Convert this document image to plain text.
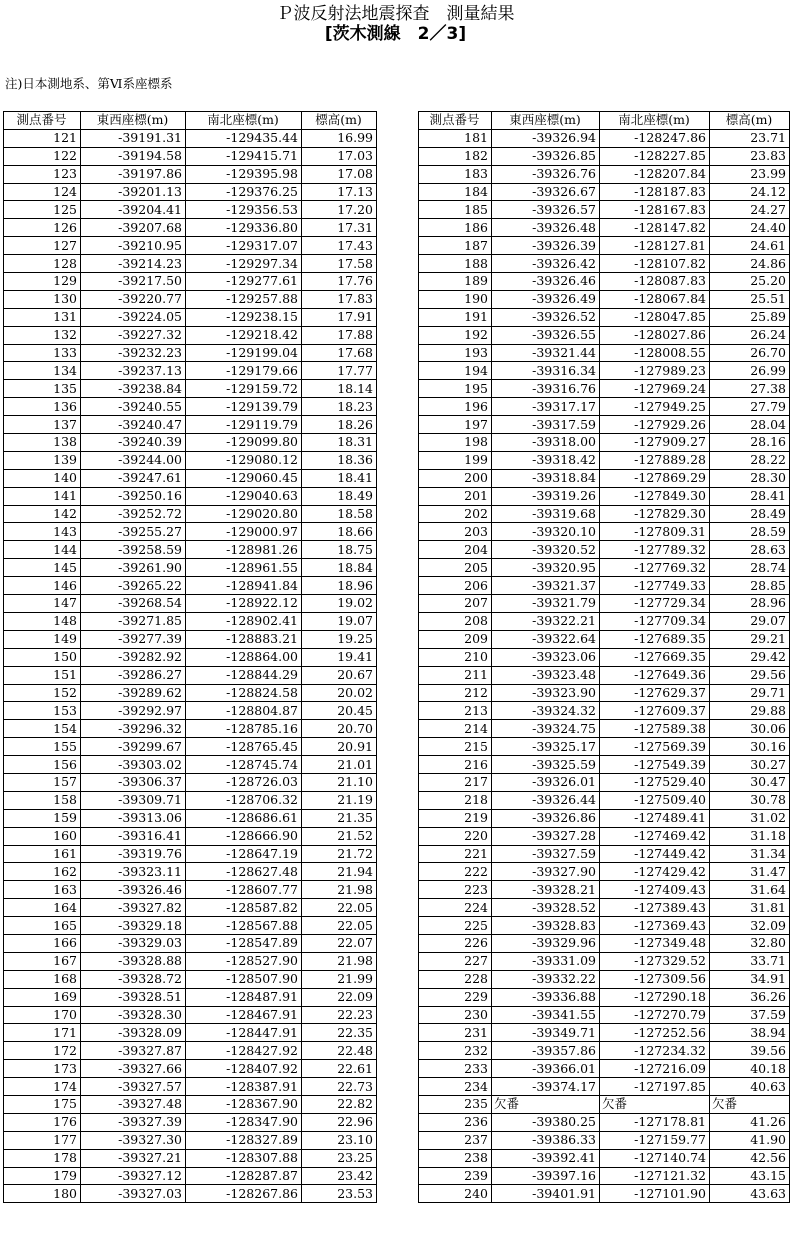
Ｐ波反射法地震探査　測量結果
[茨木測線　2／3]
注)日本測地系、第Ⅵ系座標系
測点番号	東西座標(m)	南北座標(m)	標高(m)
121	-39191.31	-129435.44	16.99
122	-39194.58	-129415.71	17.03
123	-39197.86	-129395.98	17.08
124	-39201.13	-129376.25	17.13
125	-39204.41	-129356.53	17.20
126	-39207.68	-129336.80	17.31
127	-39210.95	-129317.07	17.43
128	-39214.23	-129297.34	17.58
129	-39217.50	-129277.61	17.76
130	-39220.77	-129257.88	17.83
131	-39224.05	-129238.15	17.91
132	-39227.32	-129218.42	17.88
133	-39232.23	-129199.04	17.68
134	-39237.13	-129179.66	17.77
135	-39238.84	-129159.72	18.14
136	-39240.55	-129139.79	18.23
137	-39240.47	-129119.79	18.26
138	-39240.39	-129099.80	18.31
139	-39244.00	-129080.12	18.36
140	-39247.61	-129060.45	18.41
141	-39250.16	-129040.63	18.49
142	-39252.72	-129020.80	18.58
143	-39255.27	-129000.97	18.66
144	-39258.59	-128981.26	18.75
145	-39261.90	-128961.55	18.84
146	-39265.22	-128941.84	18.96
147	-39268.54	-128922.12	19.02
148	-39271.85	-128902.41	19.07
149	-39277.39	-128883.21	19.25
150	-39282.92	-128864.00	19.41
151	-39286.27	-128844.29	20.67
152	-39289.62	-128824.58	20.02
153	-39292.97	-128804.87	20.45
154	-39296.32	-128785.16	20.70
155	-39299.67	-128765.45	20.91
156	-39303.02	-128745.74	21.01
157	-39306.37	-128726.03	21.10
158	-39309.71	-128706.32	21.19
159	-39313.06	-128686.61	21.35
160	-39316.41	-128666.90	21.52
161	-39319.76	-128647.19	21.72
162	-39323.11	-128627.48	21.94
163	-39326.46	-128607.77	21.98
164	-39327.82	-128587.82	22.05
165	-39329.18	-128567.88	22.05
166	-39329.03	-128547.89	22.07
167	-39328.88	-128527.90	21.98
168	-39328.72	-128507.90	21.99
169	-39328.51	-128487.91	22.09
170	-39328.30	-128467.91	22.23
171	-39328.09	-128447.91	22.35
172	-39327.87	-128427.92	22.48
173	-39327.66	-128407.92	22.61
174	-39327.57	-128387.91	22.73
175	-39327.48	-128367.90	22.82
176	-39327.39	-128347.90	22.96
177	-39327.30	-128327.89	23.10
178	-39327.21	-128307.88	23.25
179	-39327.12	-128287.87	23.42
180	-39327.03	-128267.86	23.53
測点番号	東西座標(m)	南北座標(m)	標高(m)
181	-39326.94	-128247.86	23.71
182	-39326.85	-128227.85	23.83
183	-39326.76	-128207.84	23.99
184	-39326.67	-128187.83	24.12
185	-39326.57	-128167.83	24.27
186	-39326.48	-128147.82	24.40
187	-39326.39	-128127.81	24.61
188	-39326.42	-128107.82	24.86
189	-39326.46	-128087.83	25.20
190	-39326.49	-128067.84	25.51
191	-39326.52	-128047.85	25.89
192	-39326.55	-128027.86	26.24
193	-39321.44	-128008.55	26.70
194	-39316.34	-127989.23	26.99
195	-39316.76	-127969.24	27.38
196	-39317.17	-127949.25	27.79
197	-39317.59	-127929.26	28.04
198	-39318.00	-127909.27	28.16
199	-39318.42	-127889.28	28.22
200	-39318.84	-127869.29	28.30
201	-39319.26	-127849.30	28.41
202	-39319.68	-127829.30	28.49
203	-39320.10	-127809.31	28.59
204	-39320.52	-127789.32	28.63
205	-39320.95	-127769.32	28.74
206	-39321.37	-127749.33	28.85
207	-39321.79	-127729.34	28.96
208	-39322.21	-127709.34	29.07
209	-39322.64	-127689.35	29.21
210	-39323.06	-127669.35	29.42
211	-39323.48	-127649.36	29.56
212	-39323.90	-127629.37	29.71
213	-39324.32	-127609.37	29.88
214	-39324.75	-127589.38	30.06
215	-39325.17	-127569.39	30.16
216	-39325.59	-127549.39	30.27
217	-39326.01	-127529.40	30.47
218	-39326.44	-127509.40	30.78
219	-39326.86	-127489.41	31.02
220	-39327.28	-127469.42	31.18
221	-39327.59	-127449.42	31.34
222	-39327.90	-127429.42	31.47
223	-39328.21	-127409.43	31.64
224	-39328.52	-127389.43	31.81
225	-39328.83	-127369.43	32.09
226	-39329.96	-127349.48	32.80
227	-39331.09	-127329.52	33.71
228	-39332.22	-127309.56	34.91
229	-39336.88	-127290.18	36.26
230	-39341.55	-127270.79	37.59
231	-39349.71	-127252.56	38.94
232	-39357.86	-127234.32	39.56
233	-39366.01	-127216.09	40.18
234	-39374.17	-127197.85	40.63
235	欠番	欠番	欠番
236	-39380.25	-127178.81	41.26
237	-39386.33	-127159.77	41.90
238	-39392.41	-127140.74	42.56
239	-39397.16	-127121.32	43.15
240	-39401.91	-127101.90	43.63
